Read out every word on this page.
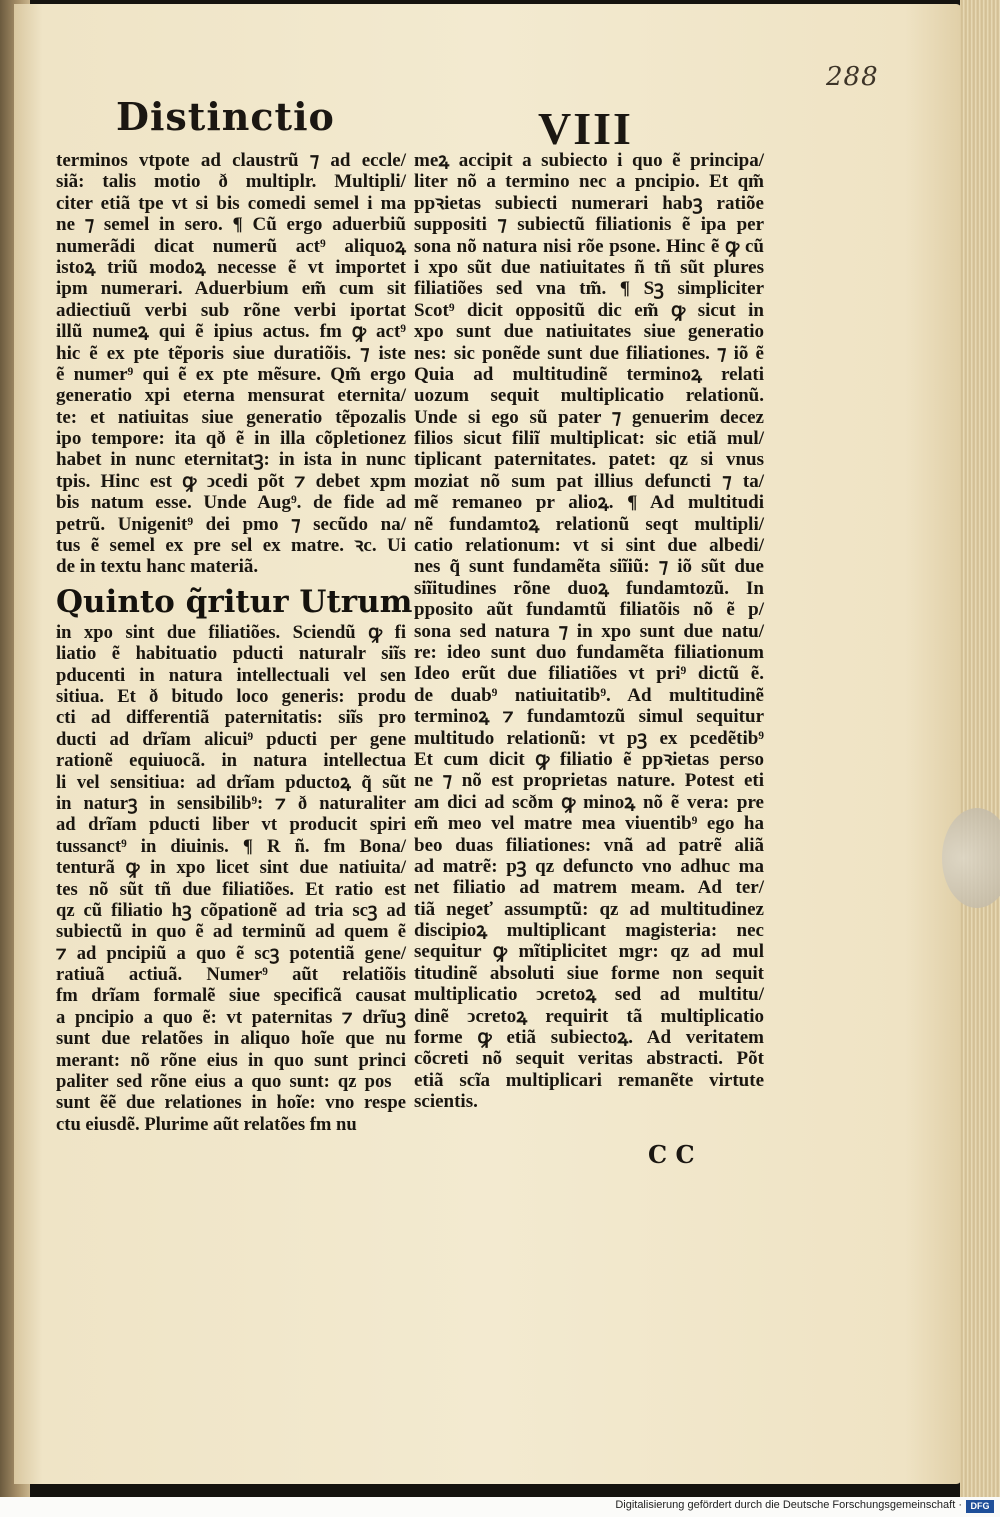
288
Distinctio	VIII
terminos vtpote ad claustrũ ⁊ ad eccle/
siã: talis motio ð multiplr. Multipli/
citer etiã tpe vt si bis comedi semel i ma
ne ⁊ semel in sero. ¶ Cũ ergo aduerbiũ
numerãdi dicat numerũ act⁹ aliquoꝝ
istoꝝ triũ modoꝝ necesse ẽ vt importet
ipm numerari. Aduerbium em̃ cum sit
adiectiuũ verbi sub rõne verbi iportat
illũ numeꝝ qui ẽ ipius actus. fm ꝙ act⁹
hic ẽ ex pte tẽporis siue duratiõis. ⁊ iste
ẽ numer⁹ qui ẽ ex pte mẽsure. Qm̃ ergo
generatio xpi eterna mensurat eternita/
te: et natiuitas siue generatio tẽpozalis
ipo tempore: ita qð ẽ in illa cõpletionez
habet in nunc eternitatꝫ: in ista in nunc
tpis. Hinc est ꝙ ↄcedi põt ⁊ debet xpm
bis natum esse. Unde Aug⁹. de fide ad
petrũ. Unigenit⁹ dei pmo ⁊ secũdo na/
tus ẽ semel ex pre sel ex matre. ꝛc. Ui
de in textu hanc materiã.
Quinto q̃ritur Utrum
in xpo sint due filiatiões. Sciendũ ꝙ fi
liatio ẽ habituatio pducti naturalr siĩs
pducenti in natura intellectuali vel sen
sitiua. Et ð bitudo loco generis: produ
cti ad differentiã paternitatis: siĩs pro
ducti ad drĩam alicui⁹ pducti per gene
rationẽ equiuocã. in natura intellectua
li vel sensitiua: ad drĩam pductoꝝ q̃ sũt
in naturꝫ in sensibilib⁹: ⁊ ð naturaliter
ad drĩam pducti liber vt producit spiri
tussanct⁹ in diuinis. ¶ R ñ. fm Bona/
tenturã ꝙ in xpo licet sint due natiuita/
tes nõ sũt tñ due filiatiões. Et ratio est
qz cũ filiatio hꝫ cõpationẽ ad tria scꝫ ad
subiectũ in quo ẽ ad terminũ ad quem ẽ
⁊ ad pncipiũ a quo ẽ scꝫ potentiã gene/
ratiuã actiuã. Numer⁹ aũt relatiõis
fm drĩam formalẽ siue specificã causat
a pncipio a quo ẽ: vt paternitas ⁊ drĩuꝫ
sunt due relatões in aliquo hoĩe que nu
merant: nõ rõne eius in quo sunt princi
paliter sed rõne eius a quo sunt: qz posᷓ
sunt ẽẽ due relationes in hoĩe: vno respe
ctu eiusdẽ. Plurime aũt relatões fm nu
meꝝ accipit a subiecto i quo ẽ principa/
liter nõ a termino nec a pncipio. Et qm̃
ppꝛietas subiecti numerari habꝫ ratiõe
suppositi ⁊ subiectũ filiationis ẽ ipa per
sona nõ natura nisi rõe psone. Hinc ẽ ꝙ cũ
i xpo sũt due natiuitates ñ tñ sũt plures
filiatiões sed vna tm̃. ¶ Sꝫ simpliciter
Scot⁹ dicit oppositũ dic em̃ ꝙ sicut in
xpo sunt due natiuitates siue generatio
nes: sic ponẽde sunt due filiationes. ⁊ iõ ẽ
Quia ad multitudinẽ terminoꝝ relati
uozum sequit multiplicatio relationũ.
Unde si ego sũ pater ⁊ genuerim decez
filios sicut filiĩ multiplicat: sic etiã mul/
tiplicant paternitates. patet: qz si vnus
moziat nõ sum pat illius defuncti ⁊ ta/
mẽ remaneo pr alioꝝ. ¶ Ad multitudi
nẽ fundamtoꝝ relationũ seqt multipli/
catio relationum: vt si sint due albedi/
nes q̃ sunt fundamẽta siĩiũ: ⁊ iõ sũt due
siĩitudines rõne duoꝝ fundamtozũ. In
pposito aũt fundamtũ filiatõis nõ ẽ p/
sona sed natura ⁊ in xpo sunt due natu/
re: ideo sunt duo fundamẽta filiationum
Ideo erũt due filiatiões vt pri⁹ dictũ ẽ.
de duab⁹ natiuitatib⁹. Ad multitudinẽ
terminoꝝ ⁊ fundamtozũ simul sequitur
multitudo relationũ: vt pꝫ ex pcedẽtib⁹
Et cum dicit ꝙ filiatio ẽ ppꝛietas perso
ne ⁊ nõ est proprietas nature. Potest eti
am dici ad scðm ꝙ minoꝝ nõ ẽ vera: pre
em̃ meo vel matre mea viuentib⁹ ego ha
beo duas filiationes: vnã ad patrẽ aliã
ad matrẽ: pꝫ qz defuncto vno adhuc ma
net filiatio ad matrem meam. Ad ter/
tiã negeť assumptũ: qz ad multitudinez
discipioꝝ multiplicant magisteria: nec
sequitur ꝙ mĩtiplicitet mgr: qz ad mul
titudinẽ absoluti siue forme non sequit
multiplicatio ↄcretoꝝ sed ad multitu/
dinẽ ↄcretoꝝ requirit tã multiplicatio
forme ꝙ etiã subiectoꝝ. Ad veritatem
cõcreti nõ sequit veritas abstracti. Põt
etiã scĩa multiplicari remanẽte virtute
scientis.
C C
Digitalisierung gefördert durch die Deutsche Forschungsgemeinschaft · DFG
